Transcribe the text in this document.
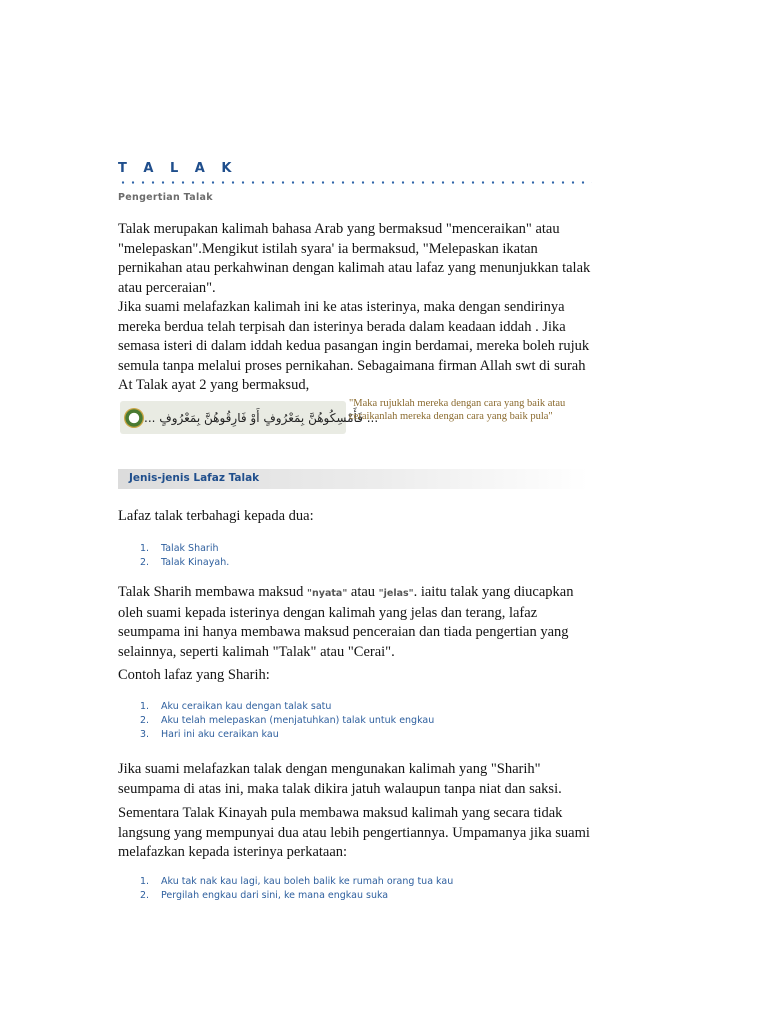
T A L A K
Pengertian Talak

Talak merupakan kalimah bahasa Arab yang bermaksud "menceraikan" atau "melepaskan".Mengikut istilah syara' ia bermaksud, "Melepaskan ikatan pernikahan atau perkahwinan dengan kalimah atau lafaz yang menunjukkan talak atau perceraian".

Jika suami melafazkan kalimah ini ke atas isterinya, maka dengan sendirinya mereka berdua telah terpisah dan isterinya berada dalam keadaan iddah . Jika semasa isteri di dalam iddah kedua pasangan ingin berdamai, mereka boleh rujuk semula tanpa melalui proses pernikahan. Sebagaimana firman Allah swt di surah At Talak ayat 2 yang bermaksud,

... فَأَمْسِكُوهُنَّ بِمَعْرُوفٍ أَوْ فَارِقُوهُنَّ بِمَعْرُوفٍ ...

"Maka rujuklah mereka dengan cara yang baik atau ceraikanlah mereka dengan cara yang baik pula"

Jenis-jenis Lafaz Talak

Lafaz talak terbahagi kepada dua:

1. Talak Sharih
2. Talak Kinayah.

Talak Sharih membawa maksud "nyata" atau "jelas". iaitu talak yang diucapkan oleh suami kepada isterinya dengan kalimah yang jelas dan terang, lafaz seumpama ini hanya membawa maksud penceraian dan tiada pengertian yang selainnya, seperti kalimah "Talak" atau "Cerai".

Contoh lafaz yang Sharih:

1. Aku ceraikan kau dengan talak satu
2. Aku telah melepaskan (menjatuhkan) talak untuk engkau
3. Hari ini aku ceraikan kau

Jika suami melafazkan talak dengan mengunakan kalimah yang "Sharih" seumpama di atas ini, maka talak dikira jatuh walaupun tanpa niat dan saksi.

Sementara Talak Kinayah pula membawa maksud kalimah yang secara tidak langsung yang mempunyai dua atau lebih pengertiannya. Umpamanya jika suami melafazkan kepada isterinya perkataan:

1. Aku tak nak kau lagi, kau boleh balik ke rumah orang tua kau
2. Pergilah engkau dari sini, ke mana engkau suka
